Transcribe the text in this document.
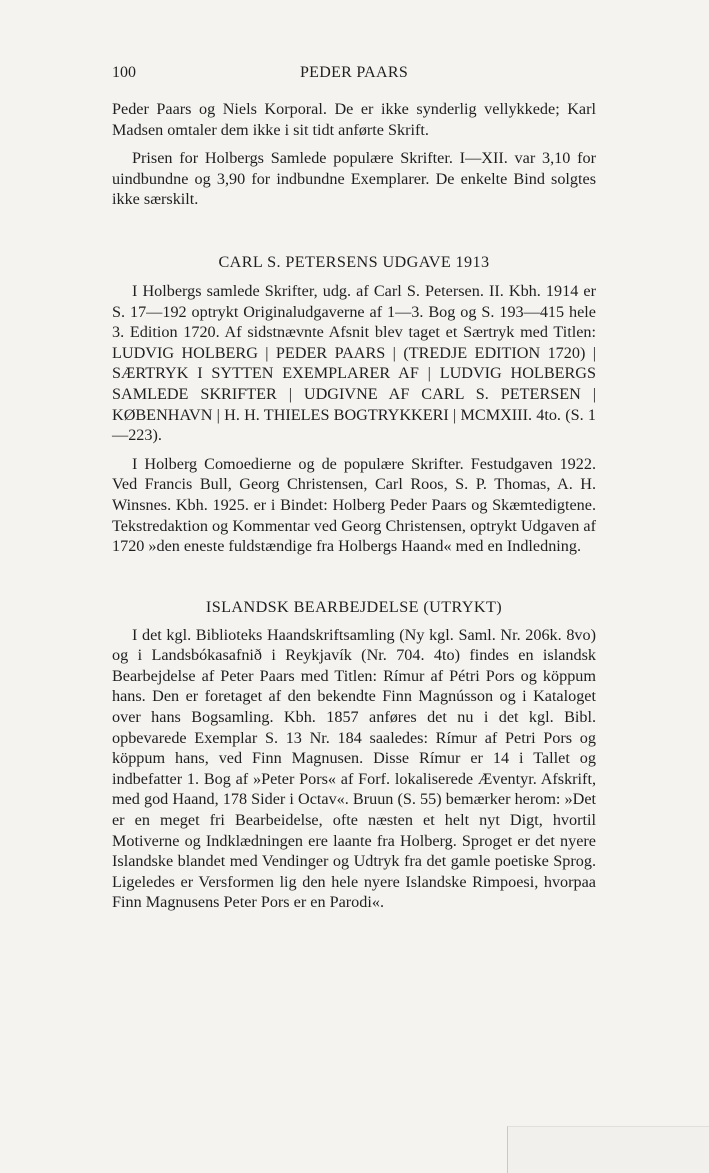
100	PEDER PAARS

Peder Paars og Niels Korporal. De er ikke synderlig vellykkede; Karl Madsen omtaler dem ikke i sit tidt anførte Skrift.

Prisen for Holbergs Samlede populære Skrifter. I—XII. var 3,10 for uindbundne og 3,90 for indbundne Exemplarer. De enkelte Bind solgtes ikke særskilt.

CARL S. PETERSENS UDGAVE 1913

I Holbergs samlede Skrifter, udg. af Carl S. Petersen. II. Kbh. 1914 er S. 17—192 optrykt Originaludgaverne af 1—3. Bog og S. 193—415 hele 3. Edition 1720. Af sidstnævnte Afsnit blev taget et Særtryk med Titlen: LUDVIG HOLBERG | PEDER PAARS | (TREDJE EDITION 1720) | SÆRTRYK I SYTTEN EXEMPLARER AF | LUDVIG HOLBERGS SAMLEDE SKRIFTER | UDGIVNE AF CARL S. PETERSEN | KØBENHAVN | H. H. THIELES BOGTRYKKERI | MCMXIII. 4to. (S. 1—223).

I Holberg Comoedierne og de populære Skrifter. Festudgaven 1922. Ved Francis Bull, Georg Christensen, Carl Roos, S. P. Thomas, A. H. Winsnes. Kbh. 1925. er i Bindet: Holberg Peder Paars og Skæmtedigtene. Tekstredaktion og Kommentar ved Georg Christensen, optrykt Udgaven af 1720 »den eneste fuldstændige fra Holbergs Haand« med en Indledning.

ISLANDSK BEARBEJDELSE (UTRYKT)

I det kgl. Biblioteks Haandskriftsamling (Ny kgl. Saml. Nr. 206k. 8vo) og i Landsbókasafnið i Reykjavík (Nr. 704. 4to) findes en islandsk Bearbejdelse af Peter Paars med Titlen: Rímur af Pétri Pors og köppum hans. Den er foretaget af den bekendte Finn Magnússon og i Kataloget over hans Bogsamling. Kbh. 1857 anføres det nu i det kgl. Bibl. opbevarede Exemplar S. 13 Nr. 184 saaledes: Rímur af Petri Pors og köppum hans, ved Finn Magnusen. Disse Rímur er 14 i Tallet og indbefatter 1. Bog af »Peter Pors« af Forf. lokaliserede Æventyr. Afskrift, med god Haand, 178 Sider i Octav«. Bruun (S. 55) bemærker herom: »Det er en meget fri Bearbeidelse, ofte næsten et helt nyt Digt, hvortil Motiverne og Indklædningen ere laante fra Holberg. Sproget er det nyere Islandske blandet med Vendinger og Udtryk fra det gamle poetiske Sprog. Ligeledes er Versformen lig den hele nyere Islandske Rimpoesi, hvorpaa Finn Magnusens Peter Pors er en Parodi«.
